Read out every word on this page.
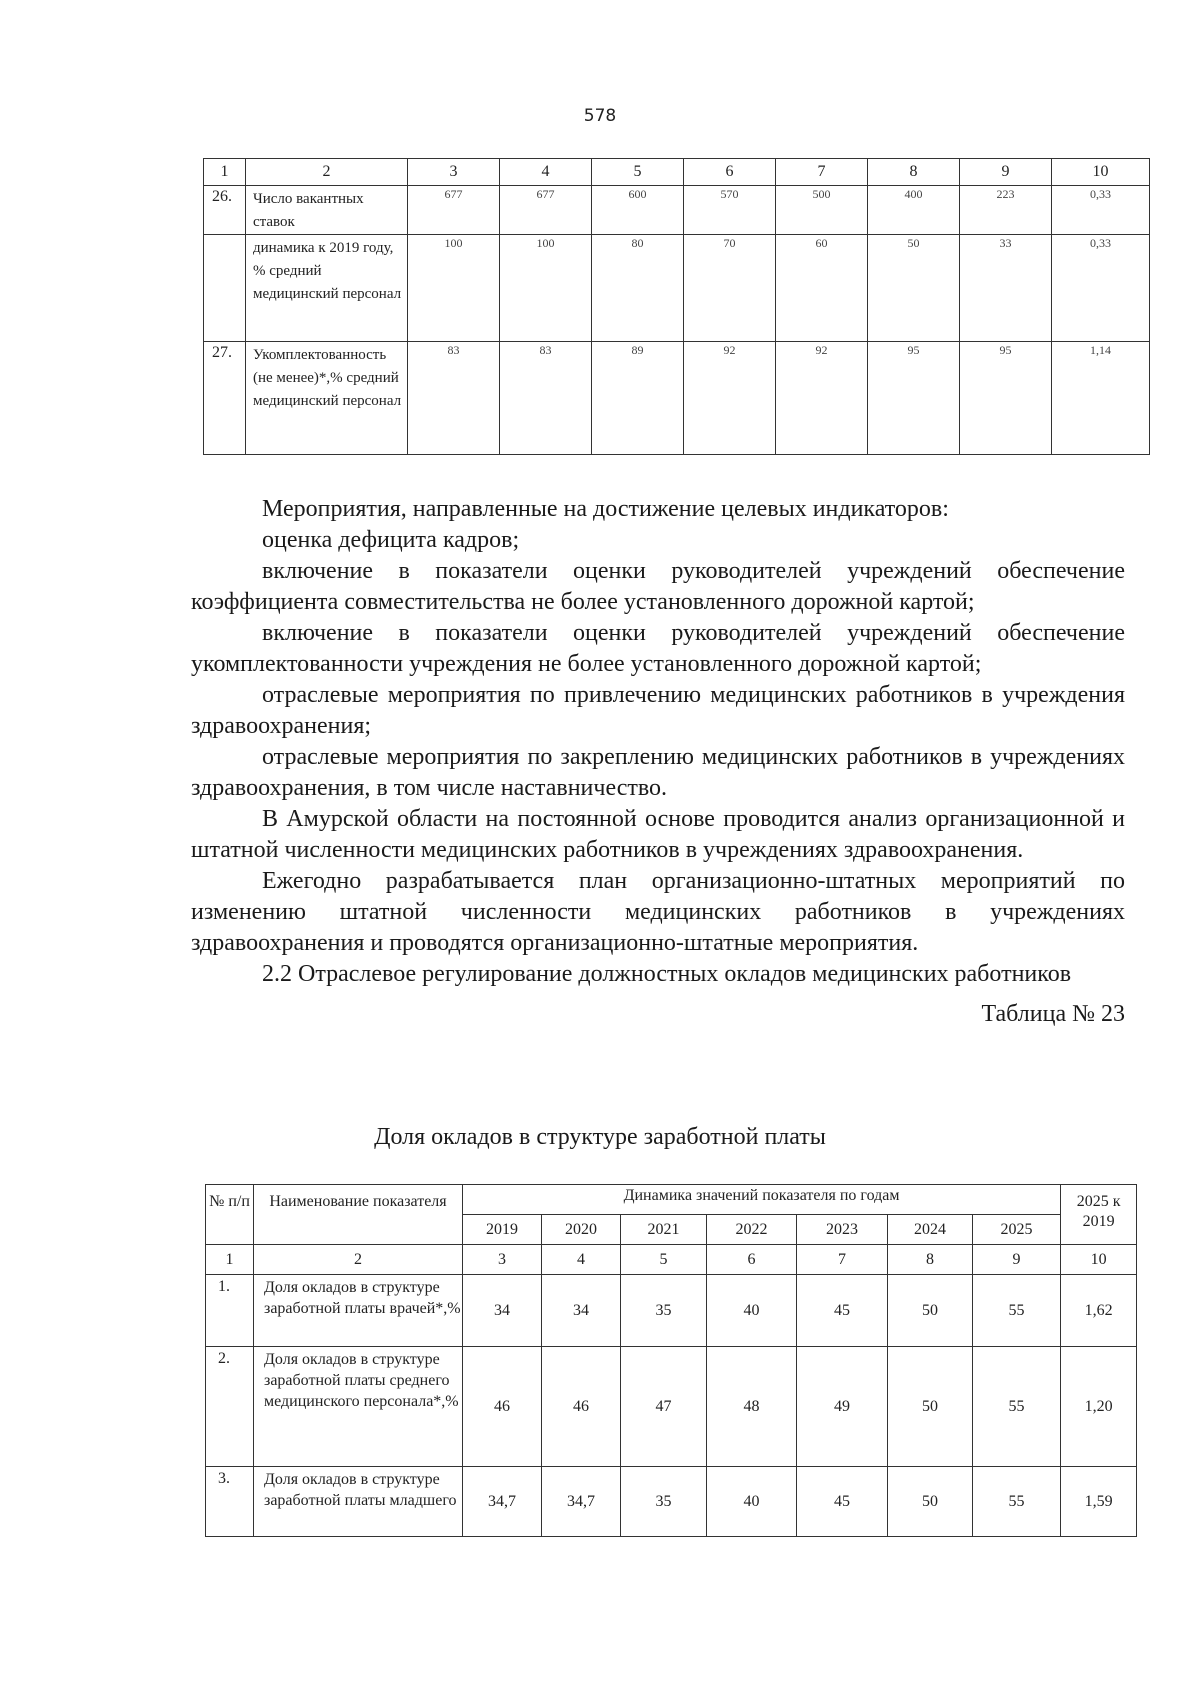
578
1	2	3	4	5	6	7	8	9	10
26.	Число вакантных ставок	677	677	600	570	500	400	223	0,33
	динамика к 2019 году, % средний медицинский персонал	100	100	80	70	60	50	33	0,33
27.	Укомплектованность (не менее)*,% средний медицинский персонал	83	83	89	92	92	95	95	1,14

Мероприятия, направленные на достижение целевых индикаторов:

оценка дефицита кадров;

включение в показатели оценки руководителей учреждений обеспечение коэффициента совместительства не более установленного дорожной картой;

включение в показатели оценки руководителей учреждений обеспечение укомплектованности учреждения не более установленного дорожной картой;

отраслевые мероприятия по привлечению медицинских работников в учреждения здравоохранения;

отраслевые мероприятия по закреплению медицинских работников в учреждениях здравоохранения, в том числе наставничество.

В Амурской области на постоянной основе проводится анализ организационной и штатной численности медицинских работников в учреждениях здравоохранения.

Ежегодно разрабатывается план организационно-штатных мероприятий по изменению штатной численности медицинских работников в учреждениях здравоохранения и проводятся организационно-штатные мероприятия.

2.2 Отраслевое регулирование должностных окладов медицинских работников

Таблица № 23

Доля окладов в структуре заработной платы
№ п/п	Наименование показателя	Динамика значений показателя по годам							2025 к 2019
		2019	2020	2021	2022	2023	2024	2025	
1	2	3	4	5	6	7	8	9	10
1.	Доля окладов в структуре заработной платы врачей*,%	34	34	35	40	45	50	55	1,62
2.	Доля окладов в структуре заработной платы среднего медицинского персонала*,%	46	46	47	48	49	50	55	1,20
3.	Доля окладов в структуре заработной платы младшего	34,7	34,7	35	40	45	50	55	1,59
